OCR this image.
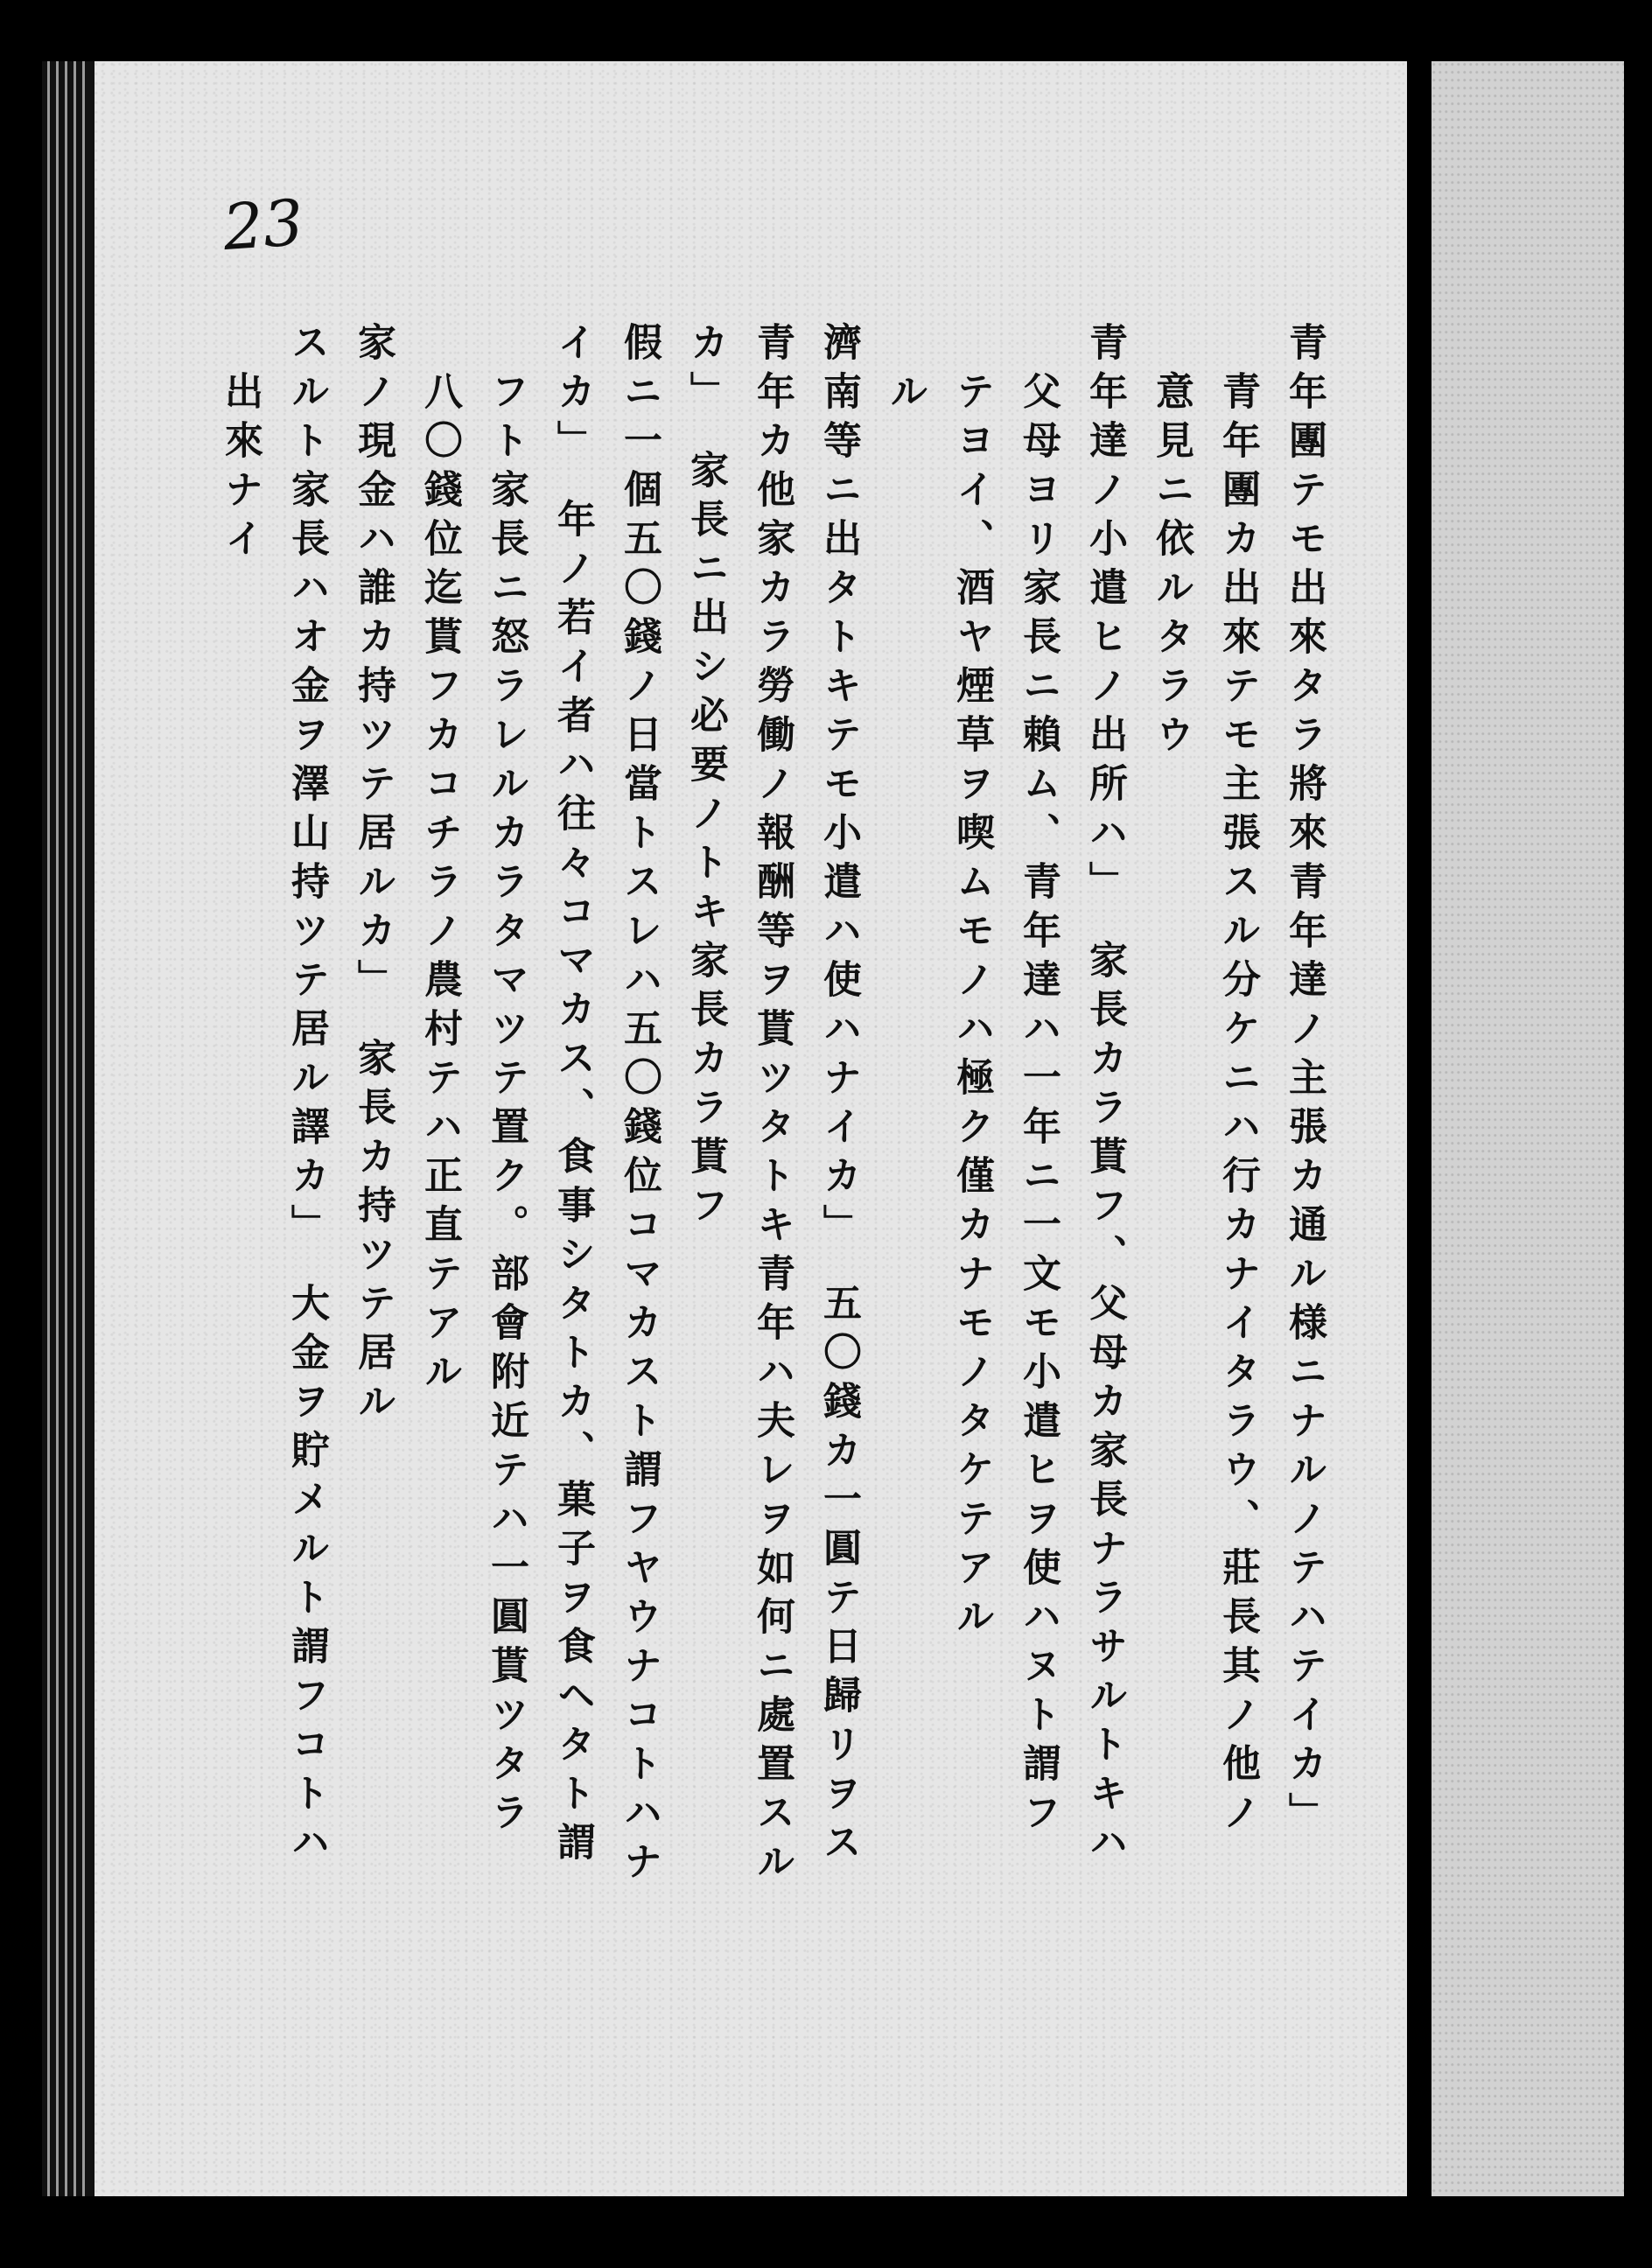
23
青年團テモ出來タラ將來青年達ノ主張カ通ル様ニナルノテハテイカ」
青年團カ出來テモ主張スル分ケニハ行カナイタラウ、莊長其ノ他ノ
意見ニ依ルタラウ
青年達ノ小遣ヒノ出所ハ」　家長カラ貰フ、父母カ家長ナラサルトキハ
父母ヨリ家長ニ賴ム、青年達ハ一年ニ一文モ小遣ヒヲ使ハヌト謂フ
テヨイ、酒ヤ煙草ヲ喫ムモノハ極ク僅カナモノタケテアル
ル
濟南等ニ出タトキテモ小遣ハ使ハナイカ」　五〇錢カ一圓テ日歸リヲス
青年カ他家カラ勞働ノ報酬等ヲ貰ツタトキ青年ハ夫レヲ如何ニ處置スル
カ」　家長ニ出シ必要ノトキ家長カラ貰フ
假ニ一個五〇錢ノ日當トスレハ五〇錢位コマカスト謂フヤウナコトハナ
イカ」　年ノ若イ者ハ往々コマカス、食事シタトカ、菓子ヲ食ヘタト謂
フト家長ニ怒ラレルカラタマツテ置ク。部會附近テハ一圓貰ツタラ
八〇錢位迄貰フカコチラノ農村テハ正直テアル
家ノ現金ハ誰カ持ツテ居ルカ」　家長カ持ツテ居ル
スルト家長ハオ金ヲ澤山持ツテ居ル譯カ」　大金ヲ貯メルト謂フコトハ
出來ナイ
